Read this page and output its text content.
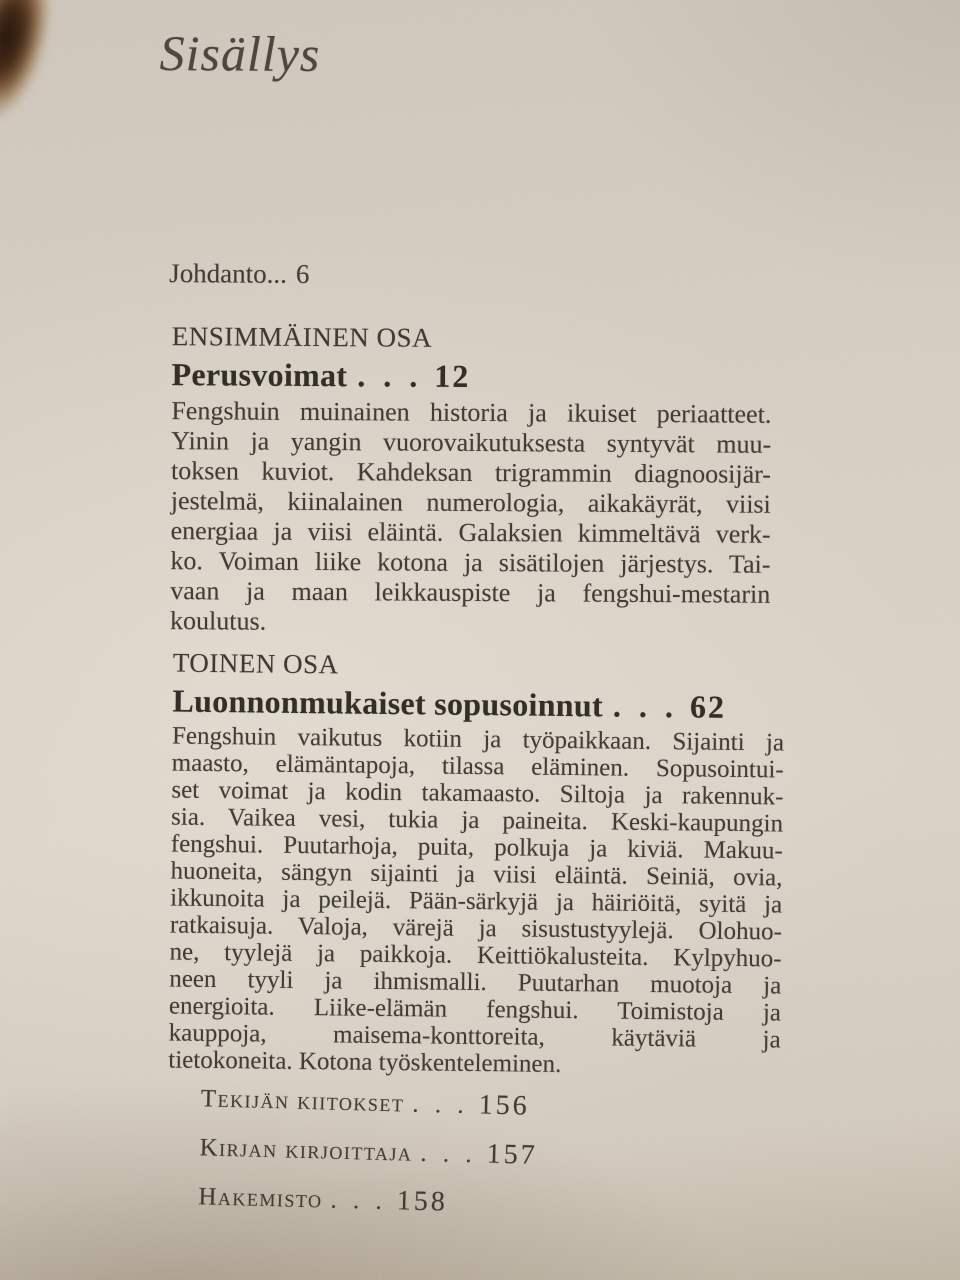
Sisällys
Johdanto... 6
ENSIMMÄINEN OSA
Perusvoimat . . . 12

Fengshuin muinainen historia ja ikuiset periaatteet.
Yinin ja yangin vuorovaikutuksesta syntyvät muu-
toksen kuviot. Kahdeksan trigrammin diagnoosijär-
jestelmä, kiinalainen numerologia, aikakäyrät, viisi
energiaa ja viisi eläintä. Galaksien kimmeltävä verk-
ko. Voiman liike kotona ja sisätilojen järjestys. Tai-
vaan ja maan leikkauspiste ja fengshui-mestarin

koulutus.

TOINEN OSA
Luonnonmukaiset sopusoinnut . . . 62

Fengshuin vaikutus kotiin ja työpaikkaan. Sijainti ja
maasto, elämäntapoja, tilassa eläminen. Sopusointui-
set voimat ja kodin takamaasto. Siltoja ja rakennuk-
sia. Vaikea vesi, tukia ja paineita. Keski-kaupungin
fengshui. Puutarhoja, puita, polkuja ja kiviä. Makuu-
huoneita, sängyn sijainti ja viisi eläintä. Seiniä, ovia,
ikkunoita ja peilejä. Pään-särkyjä ja häiriöitä, syitä ja
ratkaisuja. Valoja, värejä ja sisustustyylejä. Olohuo-
ne, tyylejä ja paikkoja. Keittiökalusteita. Kylpyhuo-
neen tyyli ja ihmismalli. Puutarhan muotoja ja
energioita. Liike-elämän fengshui. Toimistoja ja
kauppoja, maisema-konttoreita, käytäviä ja

tietokoneita. Kotona työskenteleminen.

Tekijän kiitokset . . . 156
Kirjan kirjoittaja . . . 157
Hakemisto . . . 158
